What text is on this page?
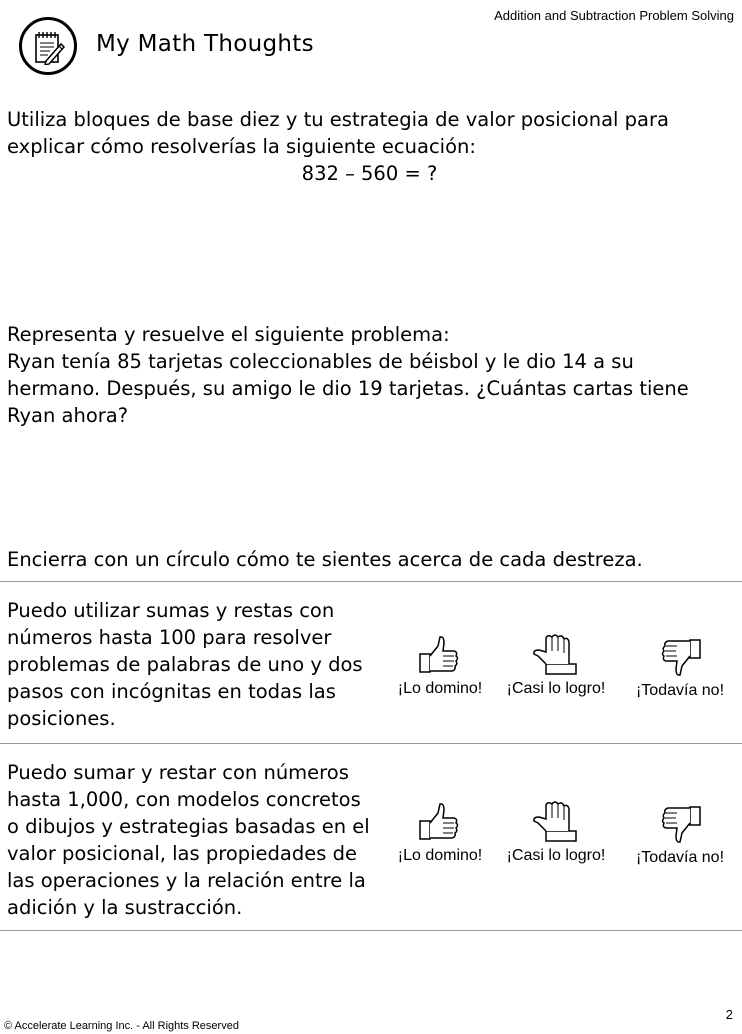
Addition and Subtraction Problem Solving
My Math Thoughts
Utiliza bloques de base diez y tu estrategia de valor posicional para
explicar cómo resolverías la siguiente ecuación:
832 – 560 = ?
Representa y resuelve el siguiente problema:
Ryan tenía 85 tarjetas coleccionables de béisbol y le dio 14 a su
hermano. Después, su amigo le dio 19 tarjetas. ¿Cuántas cartas tiene
Ryan ahora?
Encierra con un círculo cómo te sientes acerca de cada destreza.
Puedo utilizar sumas y restas con
números hasta 100 para resolver
problemas de palabras de uno y dos
pasos con incógnitas en todas las
posiciones.
¡Lo domino!	¡Casi lo logro!	¡Todavía no!
Puedo sumar y restar con números
hasta 1,000, con modelos concretos
o dibujos y estrategias basadas en el
valor posicional, las propiedades de
las operaciones y la relación entre la
adición y la sustracción.
¡Lo domino!	¡Casi lo logro!	¡Todavía no!
2
© Accelerate Learning Inc. - All Rights Reserved
